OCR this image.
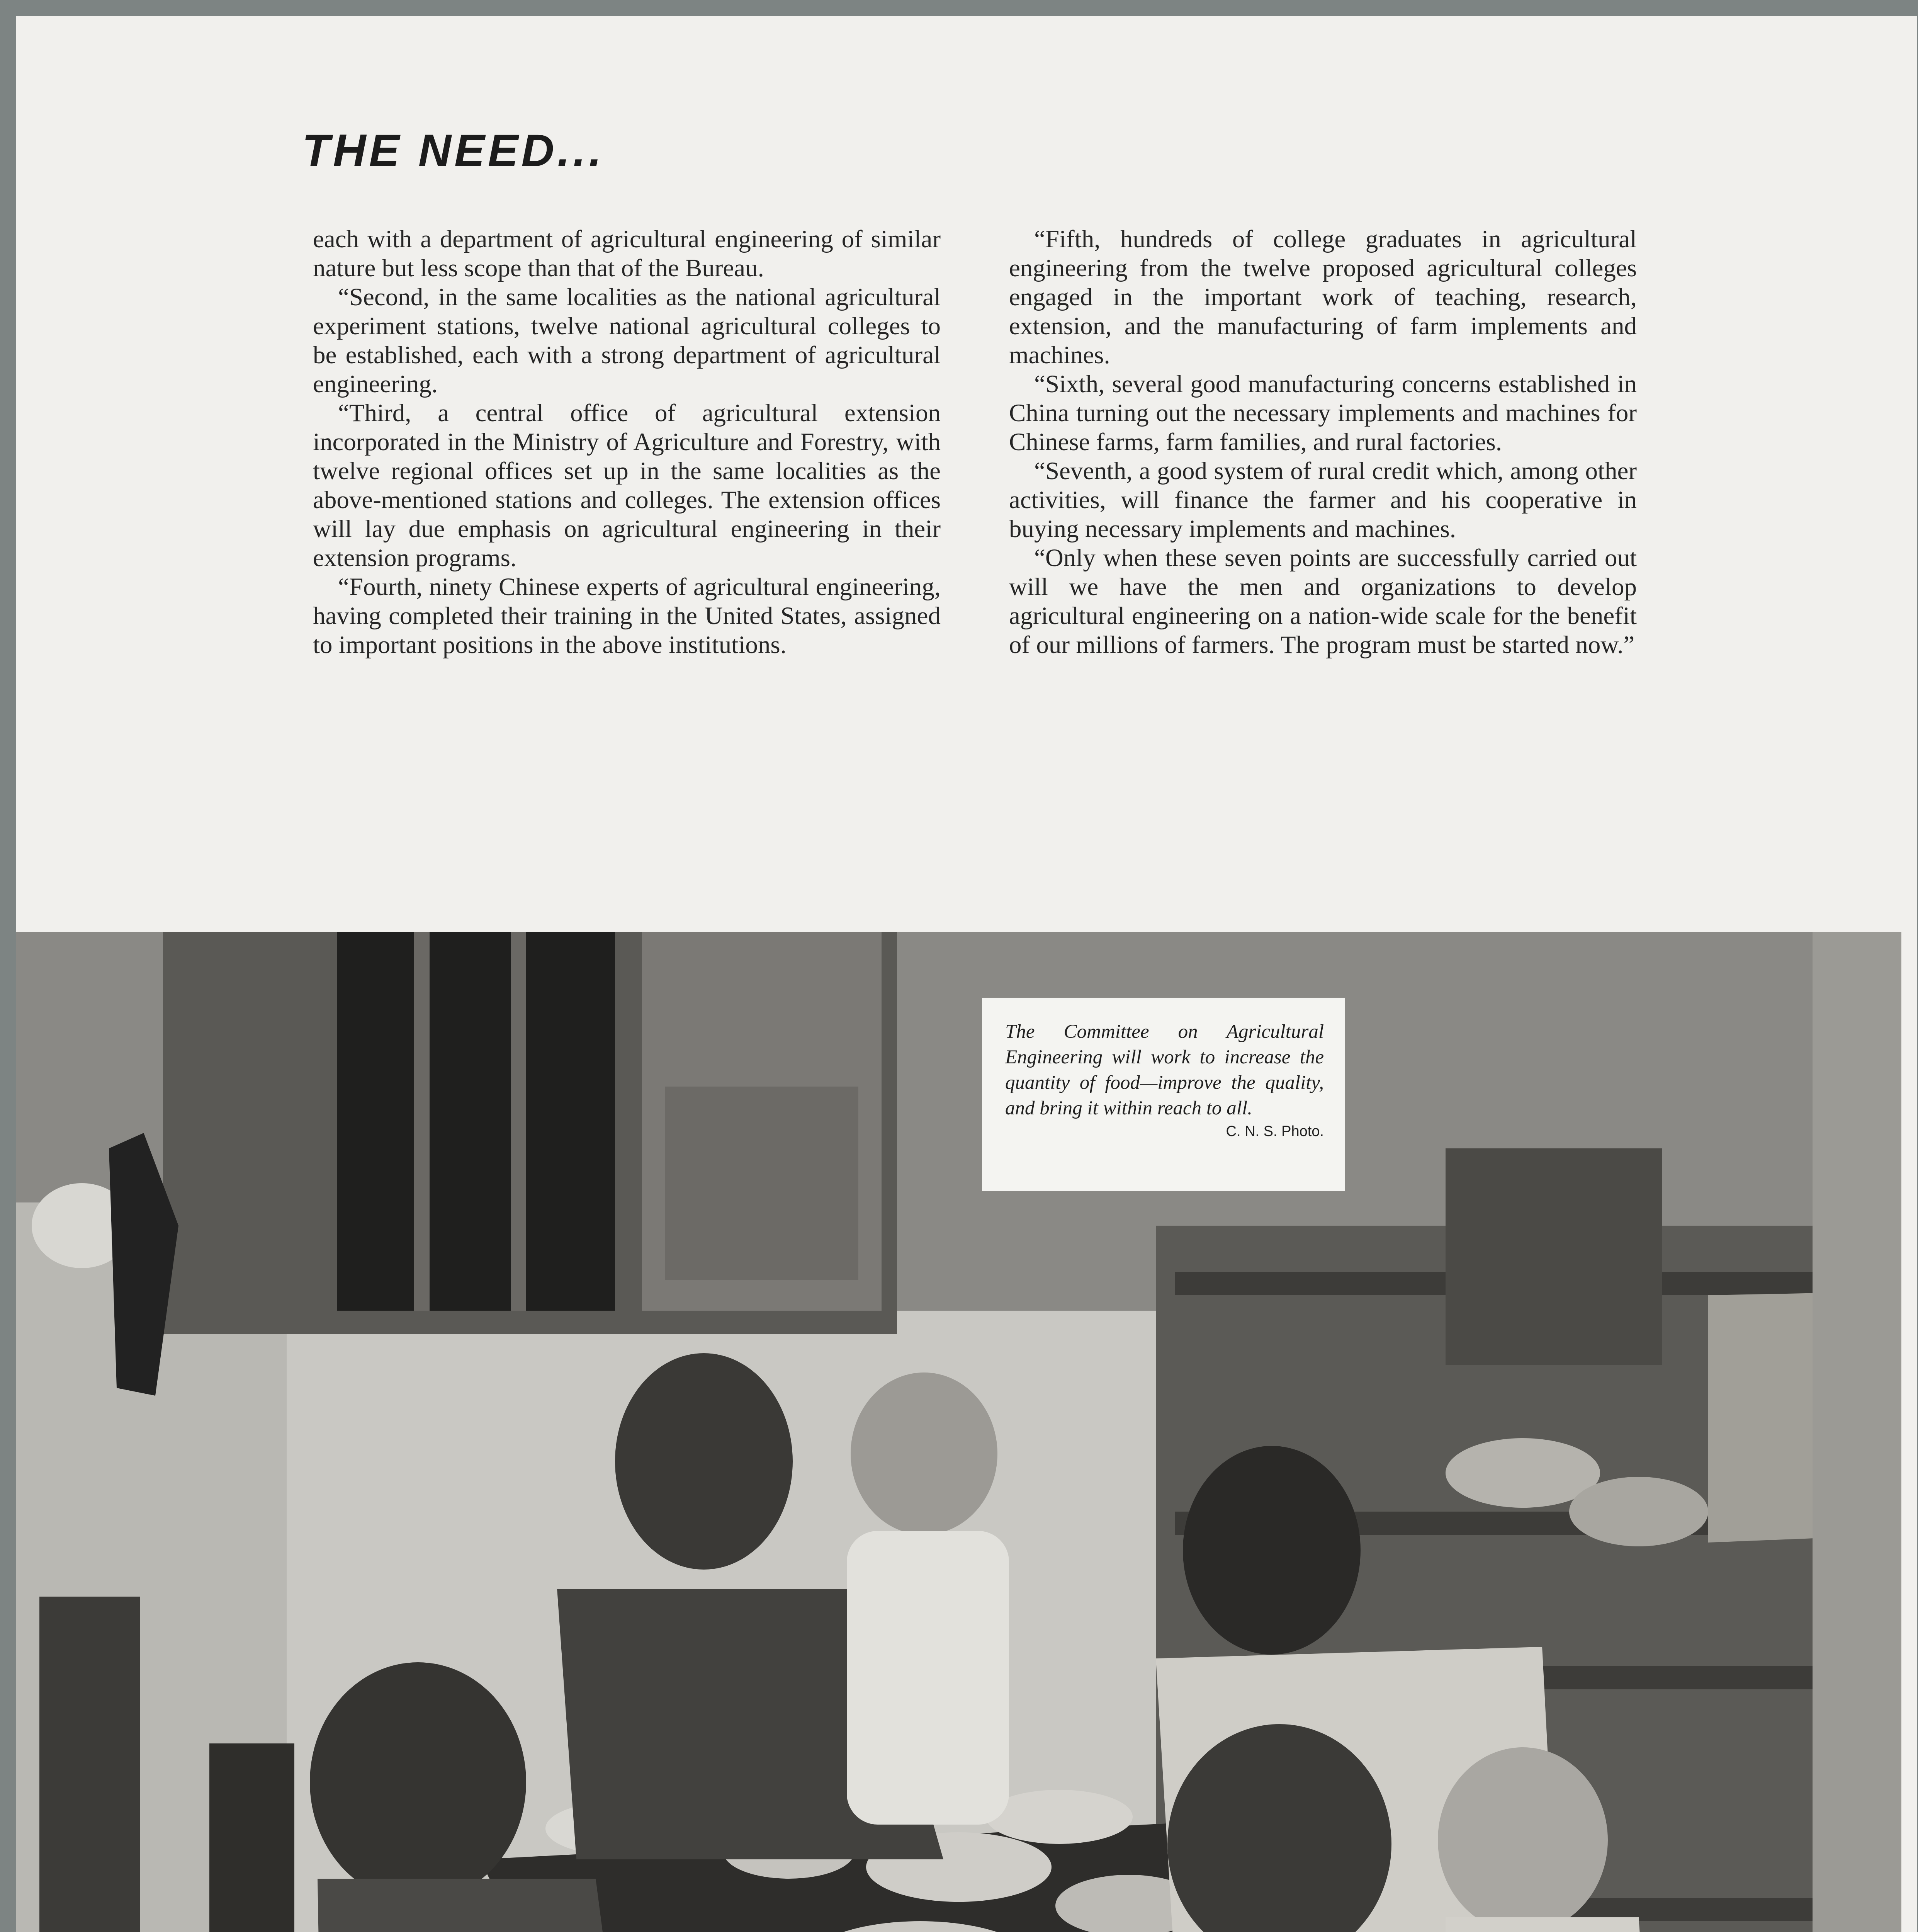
THE NEED...

each with a department of agricultural engineering of similar nature but less scope than that of the Bureau.

“Second, in the same localities as the national agricultural experiment stations, twelve national agricultural colleges to be established, each with a strong department of agricultural engineering.

“Third, a central office of agricultural extension incorporated in the Ministry of Agriculture and Forestry, with twelve regional offices set up in the same localities as the above-mentioned stations and colleges. The extension offices will lay due emphasis on agricultural engineering in their extension programs.

“Fourth, ninety Chinese experts of agricultural engineering, having completed their training in the United States, assigned to important positions in the above institutions.

“Fifth, hundreds of college graduates in agricultural engineering from the twelve proposed agricultural colleges engaged in the important work of teaching, research, extension, and the manufacturing of farm implements and machines.

“Sixth, several good manufacturing concerns established in China turning out the necessary implements and machines for Chinese farms, farm families, and rural factories.

“Seventh, a good system of rural credit which, among other activities, will finance the farmer and his cooperative in buying necessary implements and machines.

“Only when these seven points are successfully carried out will we have the men and organizations to develop agricultural engineering on a nation-wide scale for the benefit of our millions of farmers. The program must be started now.”

The Committee on Agricultural Engineering will work to increase the quantity of food—improve the quality, and bring it within reach to all.

C. N. S. Photo.
